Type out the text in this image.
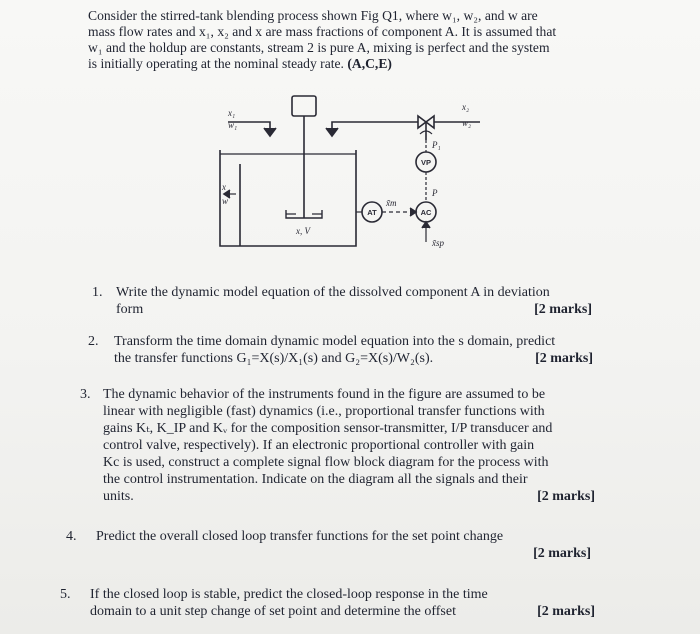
Consider the stirred-tank blending process shown Fig Q1, where w₁, w₂, and w are
mass flow rates and x₁, x₂ and x are mass fractions of component A. It is assumed that
w₁ and the holdup are constants, stream 2 is pure A, mixing is perfect and the system
is initially operating at the nominal steady rate. (A,C,E)
x₁
w₁
x₂
w₂
x
w
x, V
P₁
P
x̃m
x̃sp
VP
AC
AT
1. Write the dynamic model equation of the dissolved component A in deviation
form	[2 marks]
2. Transform the time domain dynamic model equation into the s domain, predict
the transfer functions G₁=X(s)/X₁(s) and G₂=X(s)/W₂(s).	[2 marks]
3. The dynamic behavior of the instruments found in the figure are assumed to be
linear with negligible (fast) dynamics (i.e., proportional transfer functions with
gains Kₜ, K_IP and Kᵥ for the composition sensor-transmitter, I/P transducer and
control valve, respectively). If an electronic proportional controller with gain
Kc is used, construct a complete signal flow block diagram for the process with
the control instrumentation. Indicate on the diagram all the signals and their
units.	[2 marks]
4. Predict the overall closed loop transfer functions for the set point change
[2 marks]
5. If the closed loop is stable, predict the closed-loop response in the time
domain to a unit step change of set point and determine the offset	[2 marks]
